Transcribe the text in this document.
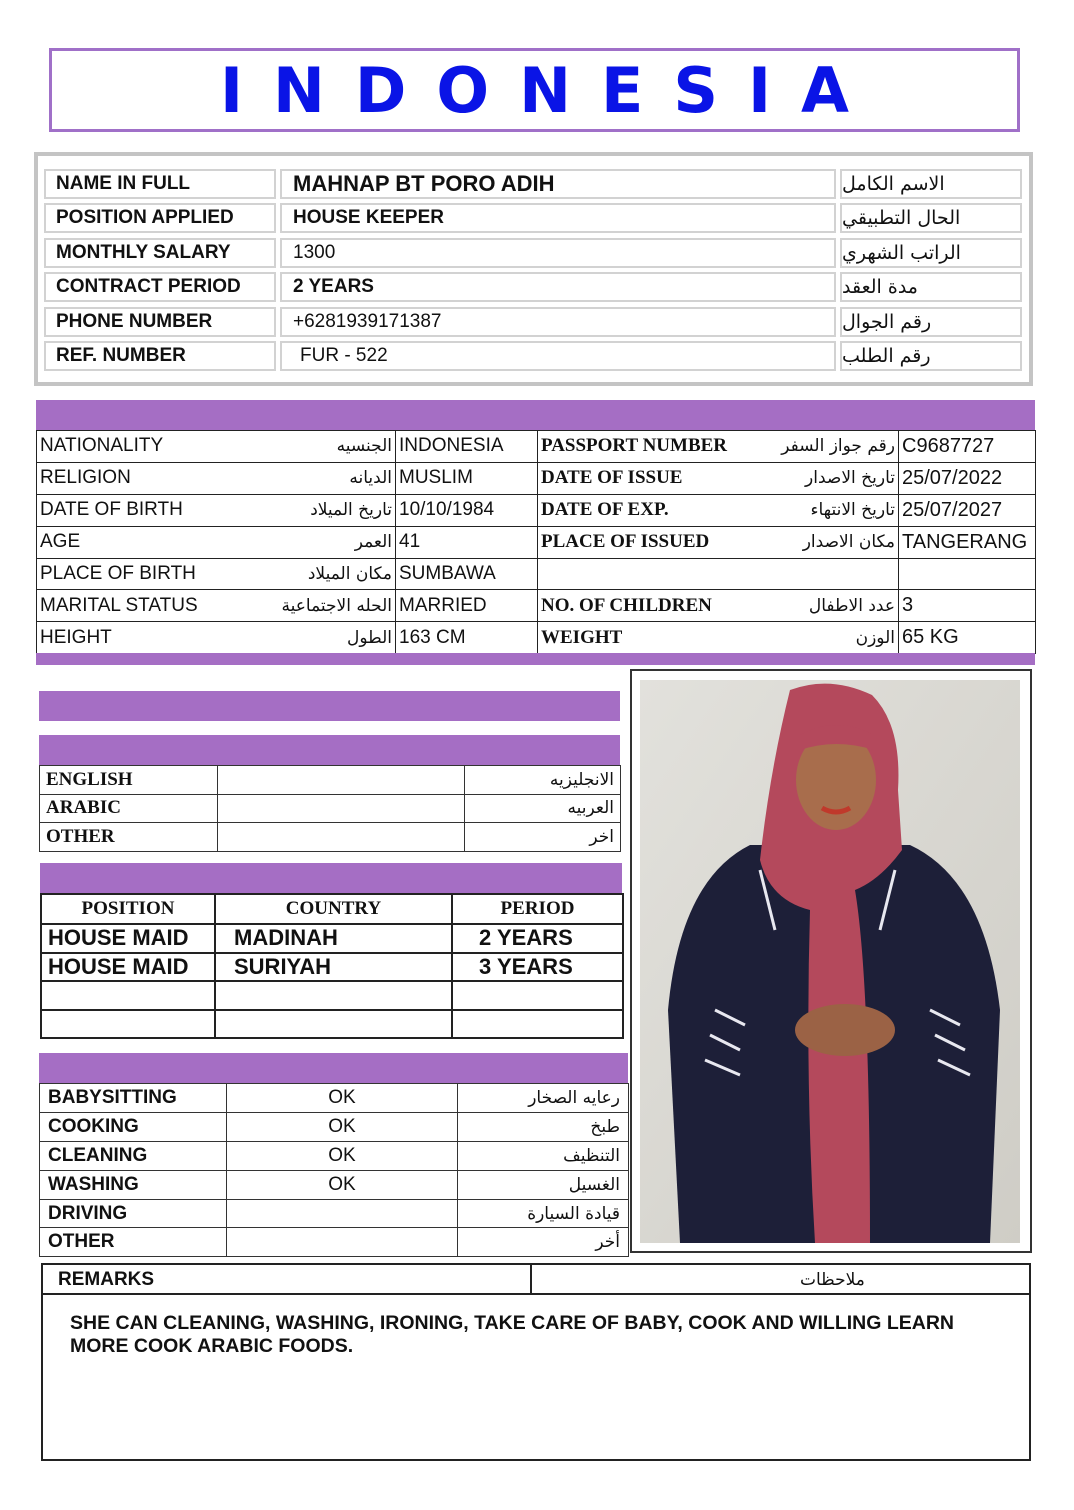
INDONESIA
NAME IN FULL	MAHNAP BT PORO ADIH	الاسم الكامل
POSITION APPLIED	HOUSE KEEPER	الحال التطبيقي
MONTHLY SALARY	1300	الراتب الشهري
CONTRACT PERIOD	2 YEARS	مدة العقد
PHONE NUMBER	+6281939171387	رقم الجوال
REF. NUMBER	FUR - 522	رقم الطلب
NATIONALITY الجنسيه	INDONESIA	PASSPORT NUMBER رقم جواز السفر	C9687727

RELIGION الديانه	MUSLIM	DATE OF ISSUE تاريخ الاصدار	25/07/2022

DATE OF BIRTH تاريخ الميلاد	10/10/1984	DATE OF EXP. تاريخ الانتهاء	25/07/2027

AGE العمر	41	PLACE OF ISSUED مكان الاصدار	TANGERANG

PLACE OF BIRTH مكان الميلاد	SUMBAWA	

MARITAL STATUS الحله الاجتماعية	MARRIED	NO. OF CHILDREN عدد الاطفال	3

HEIGHT الطول	163 CM	WEIGHT الوزن	65 KG
ENGLISH		الانجليزيه
ARABIC		العربيه
OTHER		اخر
POSITION	COUNTRY	PERIOD
HOUSE MAID	MADINAH	2 YEARS
HOUSE MAID	SURIYAH	3 YEARS

BABYSITTING	OK	رعايه الصخار
COOKING	OK	طبخ
CLEANING	OK	التنظيف
WASHING	OK	الغسيل
DRIVING		قيادة السيارة
OTHER		أخر
REMARKS	ملاحظات
SHE CAN CLEANING, WASHING, IRONING, TAKE CARE OF BABY, COOK AND WILLING LEARN MORE COOK ARABIC FOODS.
